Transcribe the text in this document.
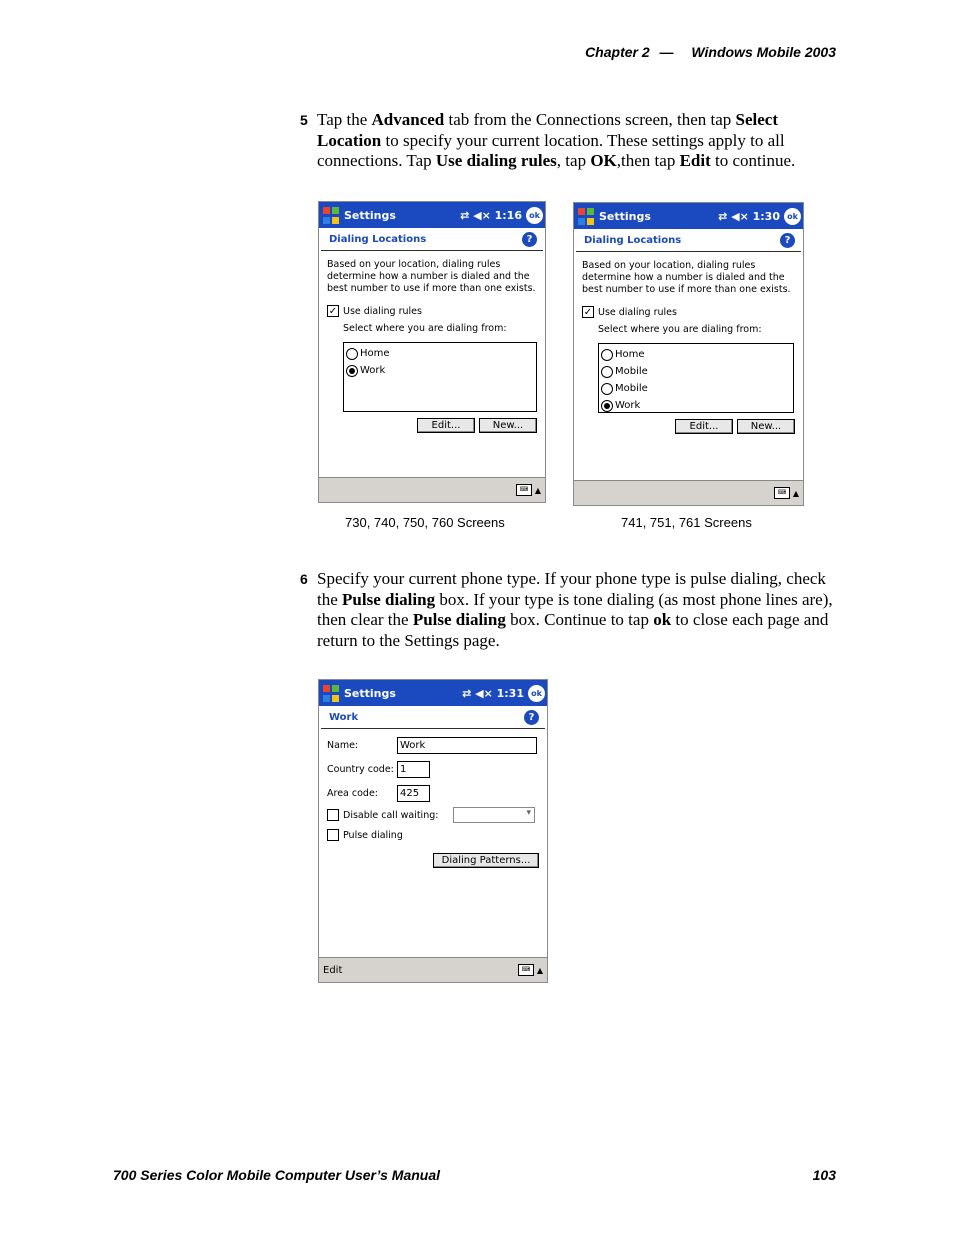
Chapter 2 — Windows Mobile 2003
5 Tap the Advanced tab from the Connections screen, then tap Select Location to specify your current location. These settings apply to all connections. Tap Use dialing rules, tap OK,then tap Edit to continue.
Settings	⇄ ◀× 1:16 ok
Dialing Locations	?
Based on your location, dialing rules determine how a number is dialed and the best number to use if more than one exists.
✓ Use dialing rules
Select where you are dialing from:
Home
Work
Edit...	New...
⌨ ▲
730, 740, 750, 760 Screens
Settings	⇄ ◀× 1:30 ok
Dialing Locations	?
Based on your location, dialing rules determine how a number is dialed and the best number to use if more than one exists.
✓ Use dialing rules
Select where you are dialing from:
Home
Mobile
Mobile
Work
Edit...	New...
⌨ ▲
741, 751, 761 Screens
6 Specify your current phone type. If your phone type is pulse dialing, check the Pulse dialing box. If your type is tone dialing (as most phone lines are), then clear the Pulse dialing box. Continue to tap ok to close each page and return to the Settings page.
Settings	⇄ ◀× 1:31 ok
Work	?
Name:	Work
Country code: 1
Area code:	425
Disable call waiting:
▾
Pulse dialing
Dialing Patterns...
Edit	⌨ ▲
700 Series Color Mobile Computer User’s Manual	103
